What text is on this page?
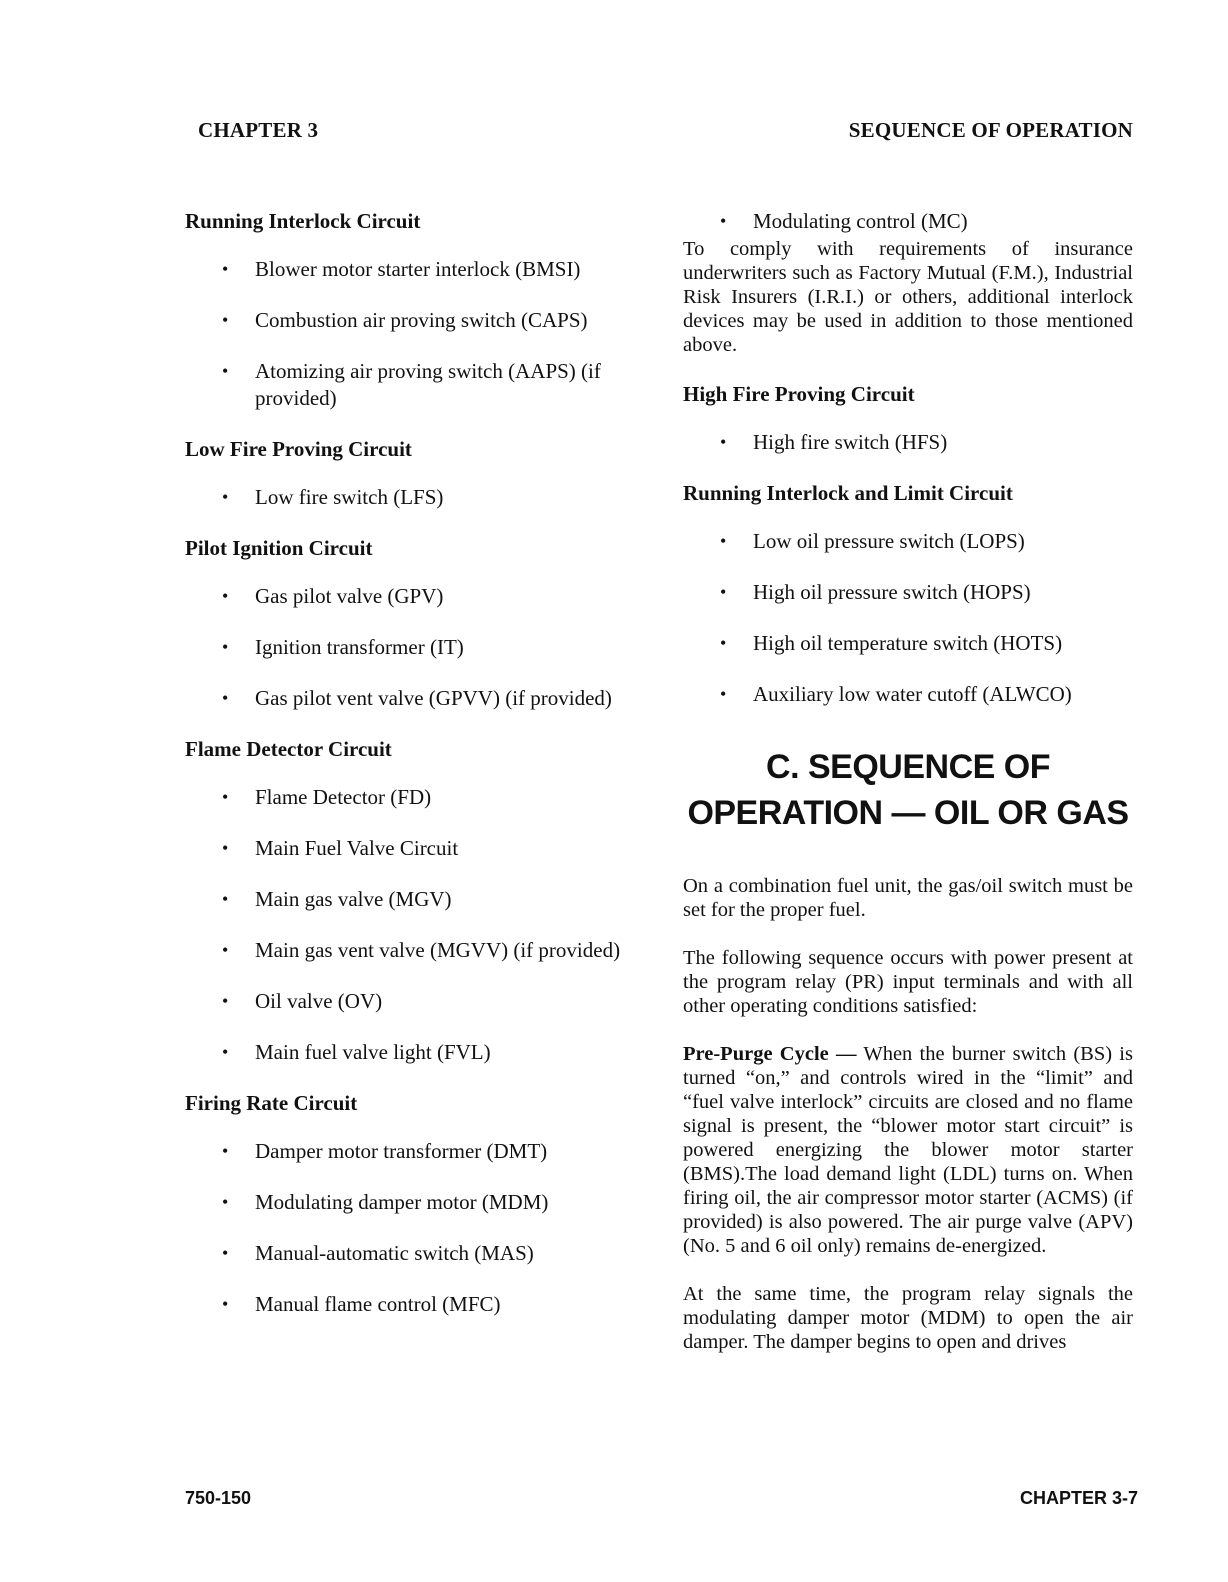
CHAPTER 3	SEQUENCE OF OPERATION
Running Interlock Circuit
• Blower motor starter interlock (BMSI)
• Combustion air proving switch (CAPS)
• Atomizing air proving switch (AAPS) (if provided)
Low Fire Proving Circuit
• Low fire switch (LFS)
Pilot Ignition Circuit
• Gas pilot valve (GPV)
• Ignition transformer (IT)
• Gas pilot vent valve (GPVV) (if provided)
Flame Detector Circuit
• Flame Detector (FD)
• Main Fuel Valve Circuit
• Main gas valve (MGV)
• Main gas vent valve (MGVV) (if provided)
• Oil valve (OV)
• Main fuel valve light (FVL)
Firing Rate Circuit
• Damper motor transformer (DMT)
• Modulating damper motor (MDM)
• Manual-automatic switch (MAS)
• Manual flame control (MFC)
• Modulating control (MC)

To comply with requirements of insurance underwriters such as Factory Mutual (F.M.), Industrial Risk Insurers (I.R.I.) or others, additional interlock devices may be used in addition to those mentioned above.

High Fire Proving Circuit
• High fire switch (HFS)
Running Interlock and Limit Circuit
• Low oil pressure switch (LOPS)
• High oil pressure switch (HOPS)
• High oil temperature switch (HOTS)
• Auxiliary low water cutoff (ALWCO)
C. SEQUENCE OF
OPERATION — OIL OR GAS

On a combination fuel unit, the gas/oil switch must be set for the proper fuel.

The following sequence occurs with power present at the program relay (PR) input terminals and with all other operating conditions satisfied:

Pre-Purge Cycle — When the burner switch (BS) is turned “on,” and controls wired in the “limit” and “fuel valve interlock” circuits are closed and no flame signal is present, the “blower motor start circuit” is powered energizing the blower motor starter (BMS).The load demand light (LDL) turns on. When firing oil, the air compressor motor starter (ACMS) (if provided) is also powered. The air purge valve (APV) (No. 5 and 6 oil only) remains de-energized.

At the same time, the program relay signals the modulating damper motor (MDM) to open the air damper. The damper begins to open and drives

750-150	CHAPTER 3-7
